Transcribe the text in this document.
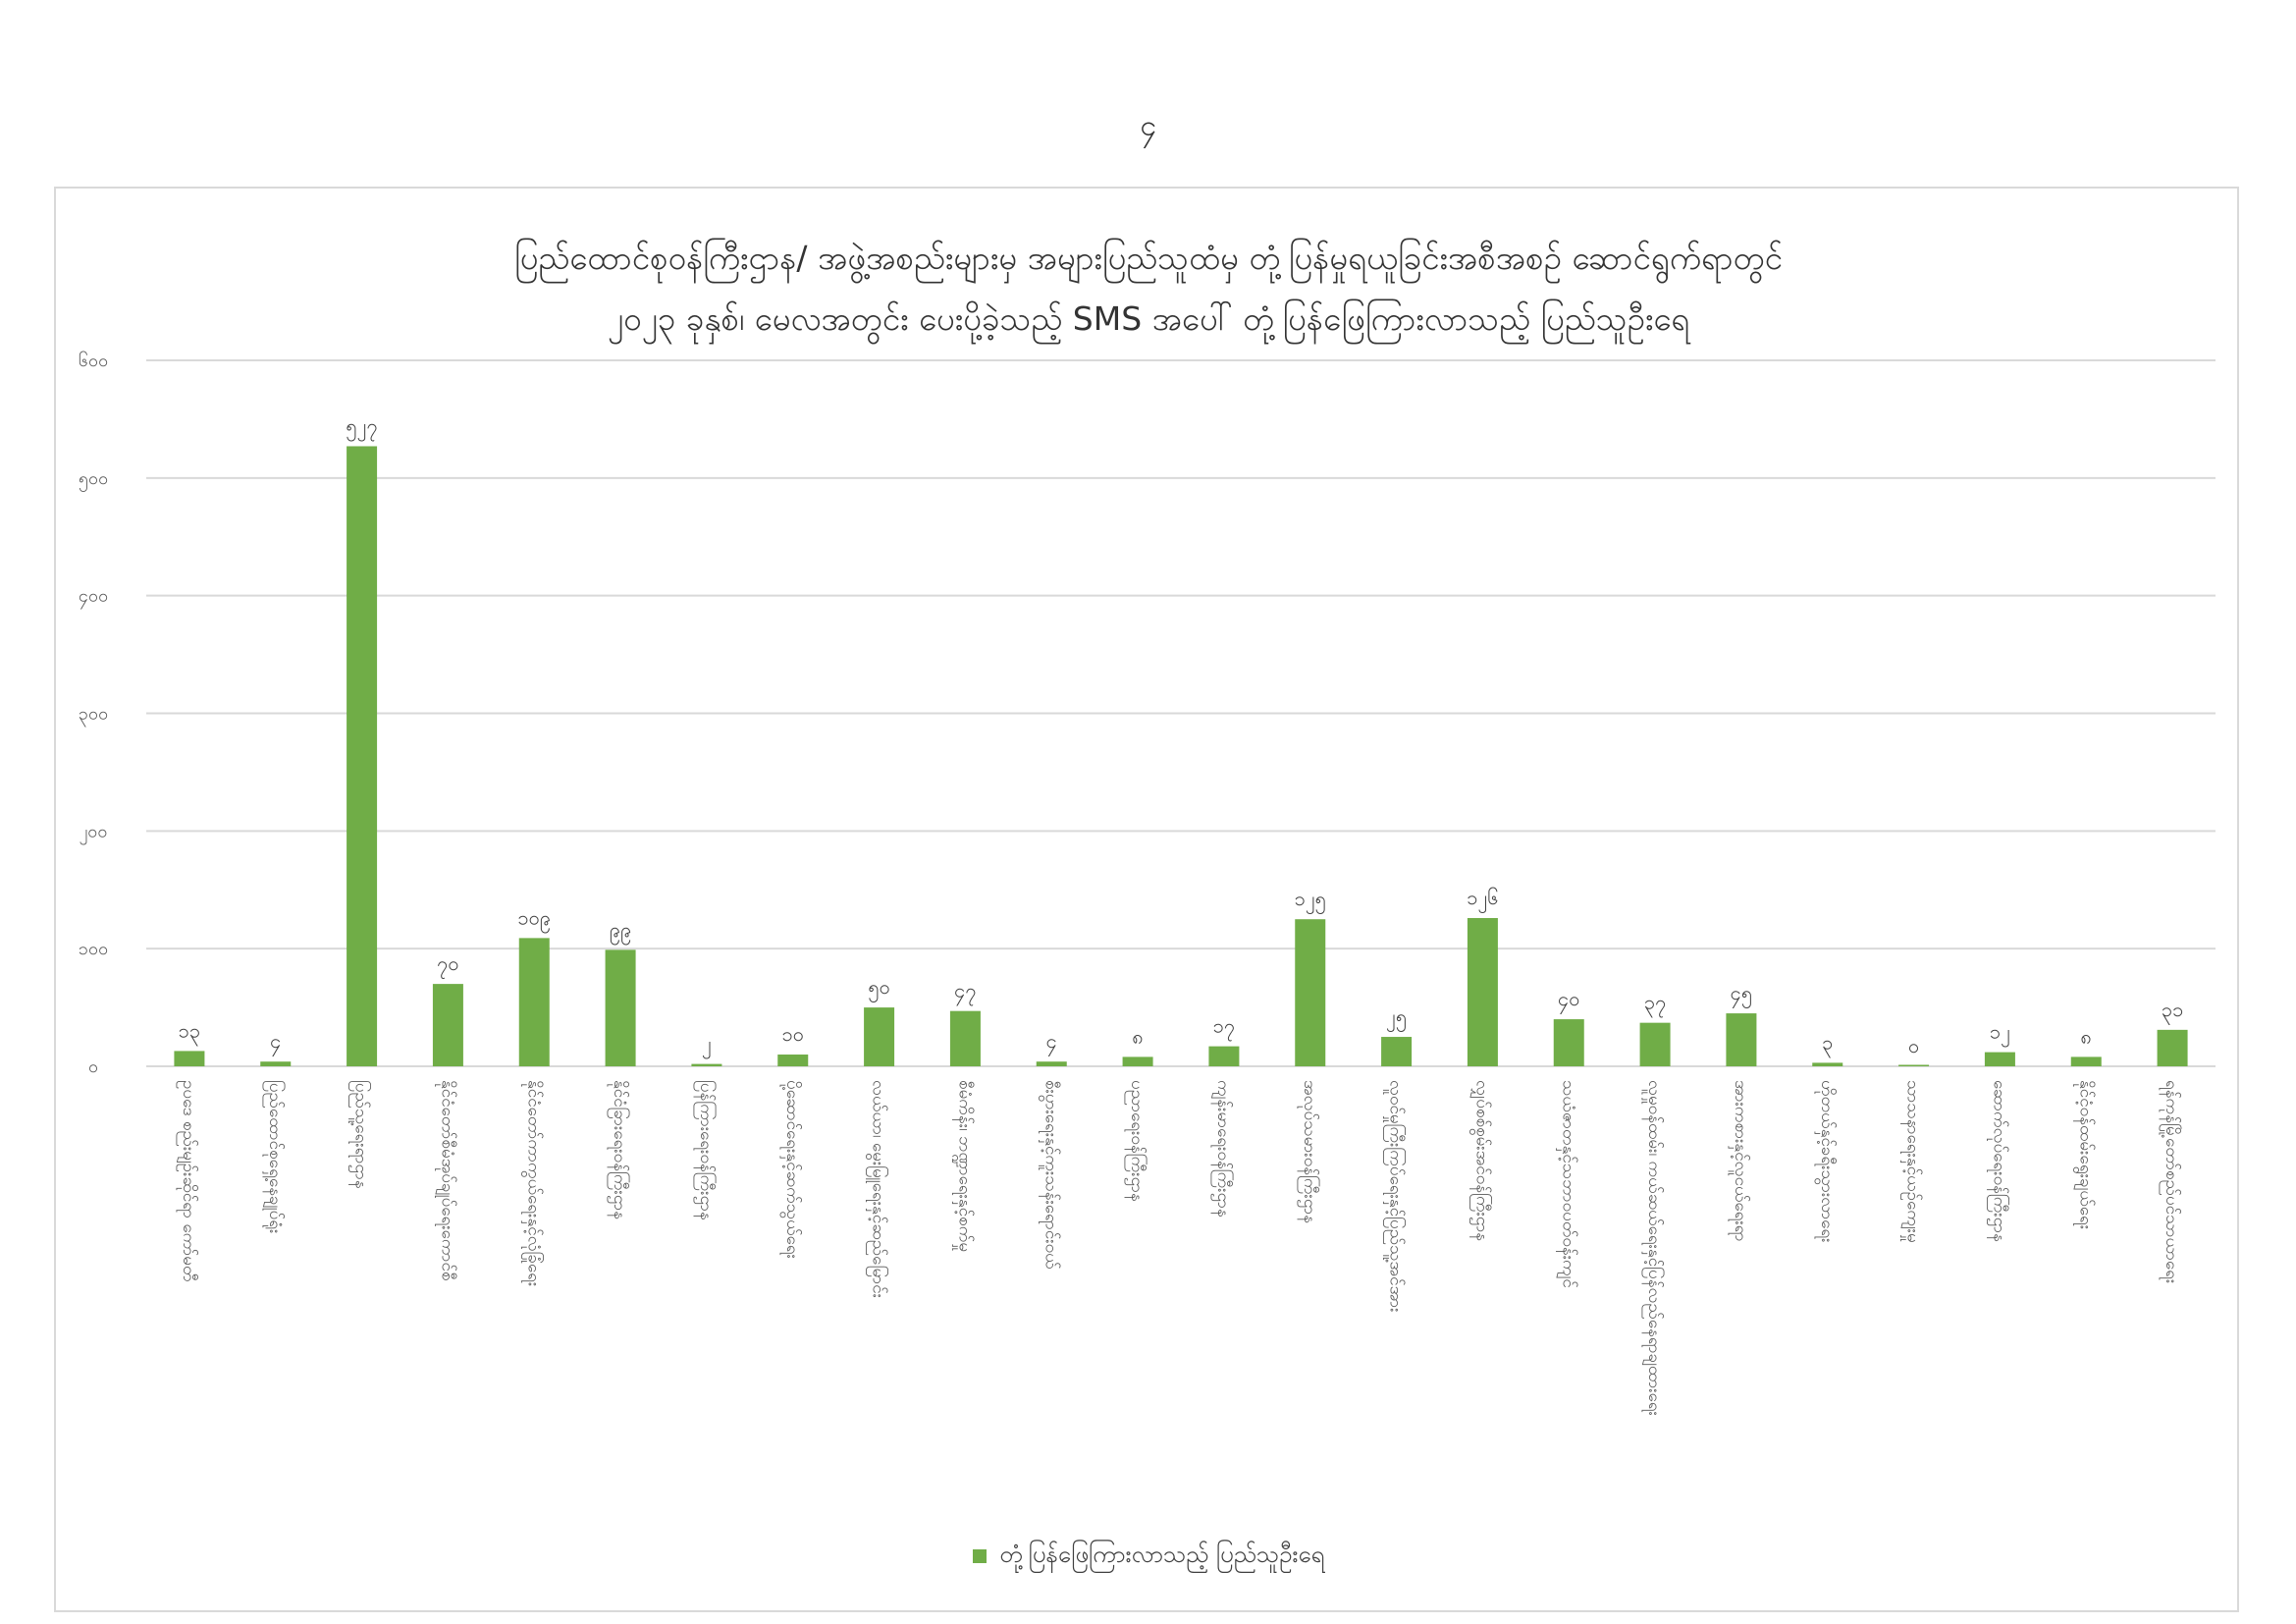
၄
ပြည်ထောင်စုဝန်ကြီးဌာန/ အဖွဲ့အစည်းများမှ အများပြည်သူထံမှ တုံ့ပြန်မှုရယူခြင်းအစီအစဉ် ဆောင်ရွက်ရာတွင်
၂၀၂၃ ခုနှစ်၊ မေလအတွင်း ပေးပို့ခဲ့သည့် SMS အပေါ် တုံ့ပြန်ဖြေကြားလာသည့် ပြည်သူဦးရေ
၀
၁၀၀
၂၀၀
၃၀၀
၄၀၀
၅၀၀
၆၀၀
၁၃	၄
၅၂၇
၇၀
၁၀၉	၉၉
၂	၁၀
၅၀	၄၇
၄	၈	၁၇
၁၂၅
၂၅
၁၂၆
၄၀	၃၇	၄၅
၃	၀
၁၂	၈
၃၁
ဥပဒေ စည်းမျဉ်းဆိုင်ရာ ကော်မတီ	ပြည်ထောင်စုရှေ့နေချုပ်ရုံး	ပြည်သူ့ရေးရာဌာန	နိုင်ငံတော်စီမံအုပ်ချုပ်ရေးကောင်စီ	နိုင်ငံတော်ကာကွယ်ရေးနှင့်လုံခြုံရေး	နိုင်ငံခြားရေးဝန်ကြီးဌာန	ပြန်ကြားရေးဝန်ကြီးဌာန	ပို့ဆောင်ရေးနှင့်ဆက်သွယ်ရေး	လယ်ယာ၊ မွေးမြူရေးနှင့်ဆည်မြောင်း	စီမံကိန်း၊ ဘဏ္ဍာရေးနှင့်စက်မှု	စီးပွားရေးနှင့်ကူးသန်းရောင်းဝယ်	ပညာရေးဝန်ကြီးဌာန	ကျန်းမာရေးဝန်ကြီးဌာန	အလုပ်သမားဝန်ကြီးဌာန	လူဝင်မှုကြီးကြပ်ရေးနှင့်ပြည်သူ့အင်အား	လျှပ်စစ်စွမ်းအင်ဝန်ကြီးဌာန	သယံဇာတနှင့်သဘာဝပတ်ဝန်းကျင်	လူမှုဝန်ထမ်း၊ ကယ်ဆယ်ရေးနှင့်ပြန်လည်နေရာချထားရေး	အားကစားနှင့်လူငယ်ရေးရာ	ဟိုတယ်နှင့်ခရီးသွားလာရေး	သာသနာရေးနှင့်ယဉ်ကျေးမှု	ဆောက်လုပ်ရေးဝန်ကြီးဌာန	နိုင်ငံ့ဝန်ထမ်းရွေးချယ်ရေး	ရန်ကုန်မြို့တော်စည်ပင်သာယာရေး
တုံ့ပြန်ဖြေကြားလာသည့် ပြည်သူဦးရေ
